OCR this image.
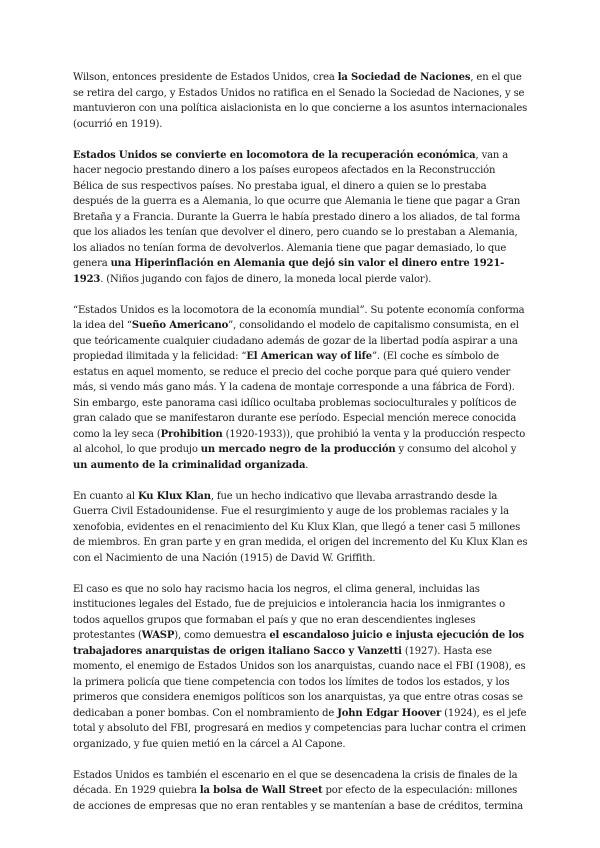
Wilson, entonces presidente de Estados Unidos, crea la Sociedad de Naciones, en el que se retira del cargo, y Estados Unidos no ratifica en el Senado la Sociedad de Naciones, y se mantuvieron con una política aislacionista en lo que concierne a los asuntos internacionales (ocurrió en 1919).

Estados Unidos se convierte en locomotora de la recuperación económica, van a hacer negocio prestando dinero a los países europeos afectados en la Reconstrucción Bélica de sus respectivos países. No prestaba igual, el dinero a quien se lo prestaba después de la guerra es a Alemania, lo que ocurre que Alemania le tiene que pagar a Gran Bretaña y a Francia. Durante la Guerra le había prestado dinero a los aliados, de tal forma que los aliados les tenían que devolver el dinero, pero cuando se lo prestaban a Alemania, los aliados no tenían forma de devolverlos. Alemania tiene que pagar demasiado, lo que genera una Hiperinflación en Alemania que dejó sin valor el dinero entre 1921-1923. (Niños jugando con fajos de dinero, la moneda local pierde valor).

“Estados Unidos es la locomotora de la economía mundial”. Su potente economía conforma la idea del “Sueño Americano”, consolidando el modelo de capitalismo consumista, en el que teóricamente cualquier ciudadano además de gozar de la libertad podía aspirar a una propiedad ilimitada y la felicidad: “El American way of life”. (El coche es símbolo de estatus en aquel momento, se reduce el precio del coche porque para qué quiero vender más, si vendo más gano más. Y la cadena de montaje corresponde a una fábrica de Ford). Sin embargo, este panorama casi idílico ocultaba problemas socioculturales y políticos de gran calado que se manifestaron durante ese período. Especial mención merece conocida como la ley seca (Prohibition (1920-1933)), que prohibió la venta y la producción respecto al alcohol, lo que produjo un mercado negro de la producción y consumo del alcohol y un aumento de la criminalidad organizada.

En cuanto al Ku Klux Klan, fue un hecho indicativo que llevaba arrastrando desde la Guerra Civil Estadounidense. Fue el resurgimiento y auge de los problemas raciales y la xenofobia, evidentes en el renacimiento del Ku Klux Klan, que llegó a tener casi 5 millones de miembros. En gran parte y en gran medida, el origen del incremento del Ku Klux Klan es con el Nacimiento de una Nación (1915) de David W. Griffith.

El caso es que no solo hay racismo hacia los negros, el clima general, incluidas las instituciones legales del Estado, fue de prejuicios e intolerancia hacia los inmigrantes o todos aquellos grupos que formaban el país y que no eran descendientes ingleses protestantes (WASP), como demuestra el escandaloso juicio e injusta ejecución de los trabajadores anarquistas de origen italiano Sacco y Vanzetti (1927). Hasta ese momento, el enemigo de Estados Unidos son los anarquistas, cuando nace el FBI (1908), es la primera policía que tiene competencia con todos los límites de todos los estados, y los primeros que considera enemigos políticos son los anarquistas, ya que entre otras cosas se dedicaban a poner bombas. Con el nombramiento de John Edgar Hoover (1924), es el jefe total y absoluto del FBI, progresará en medios y competencias para luchar contra el crimen organizado, y fue quien metió en la cárcel a Al Capone.

Estados Unidos es también el escenario en el que se desencadena la crisis de finales de la década. En 1929 quiebra la bolsa de Wall Street por efecto de la especulación: millones de acciones de empresas que no eran rentables y se mantenían a base de créditos, termina
